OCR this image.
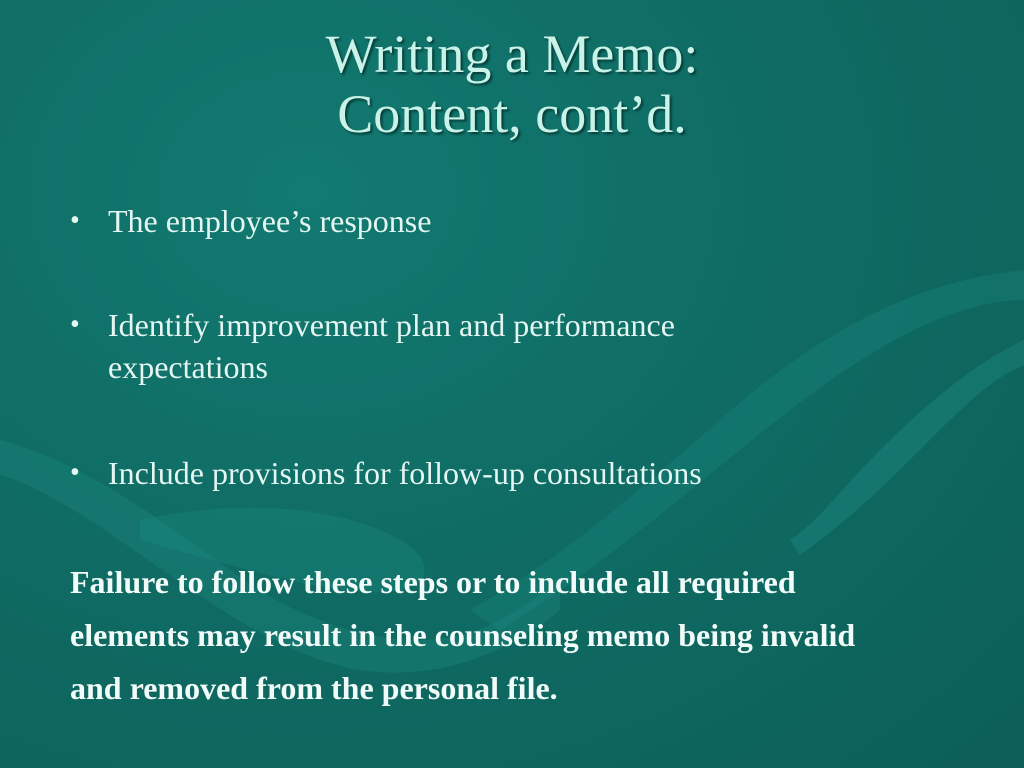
Writing a Memo:
Content, cont’d.
• The employee’s response
• Identify improvement plan and performance expectations
• Include provisions for follow-up consultations

Failure to follow these steps or to include all required elements may result in the counseling memo being invalid and removed from the personal file.
